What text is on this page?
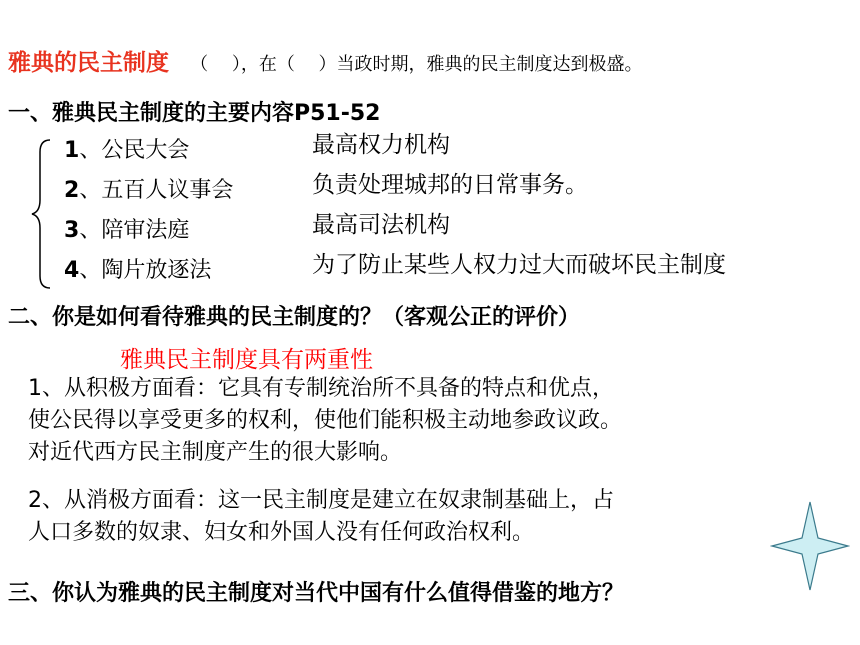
雅典的民主制度 （　 ），在（　 ）当政时期，雅典的民主制度达到极盛。
一、雅典民主制度的主要内容P51-52
1、公民大会	最高权力机构
2、五百人议事会	负责处理城邦的日常事务。
3、陪审法庭	最高司法机构
4、陶片放逐法	为了防止某些人权力过大而破坏民主制度
二、你是如何看待雅典的民主制度的？（客观公正的评价）
雅典民主制度具有两重性
1、从积极方面看：它具有专制统治所不具备的特点和优点，
使公民得以享受更多的权利，使他们能积极主动地参政议政。
对近代西方民主制度产生的很大影响。
2、从消极方面看：这一民主制度是建立在奴隶制基础上，占
人口多数的奴隶、妇女和外国人没有任何政治权利。
三、你认为雅典的民主制度对当代中国有什么值得借鉴的地方？
